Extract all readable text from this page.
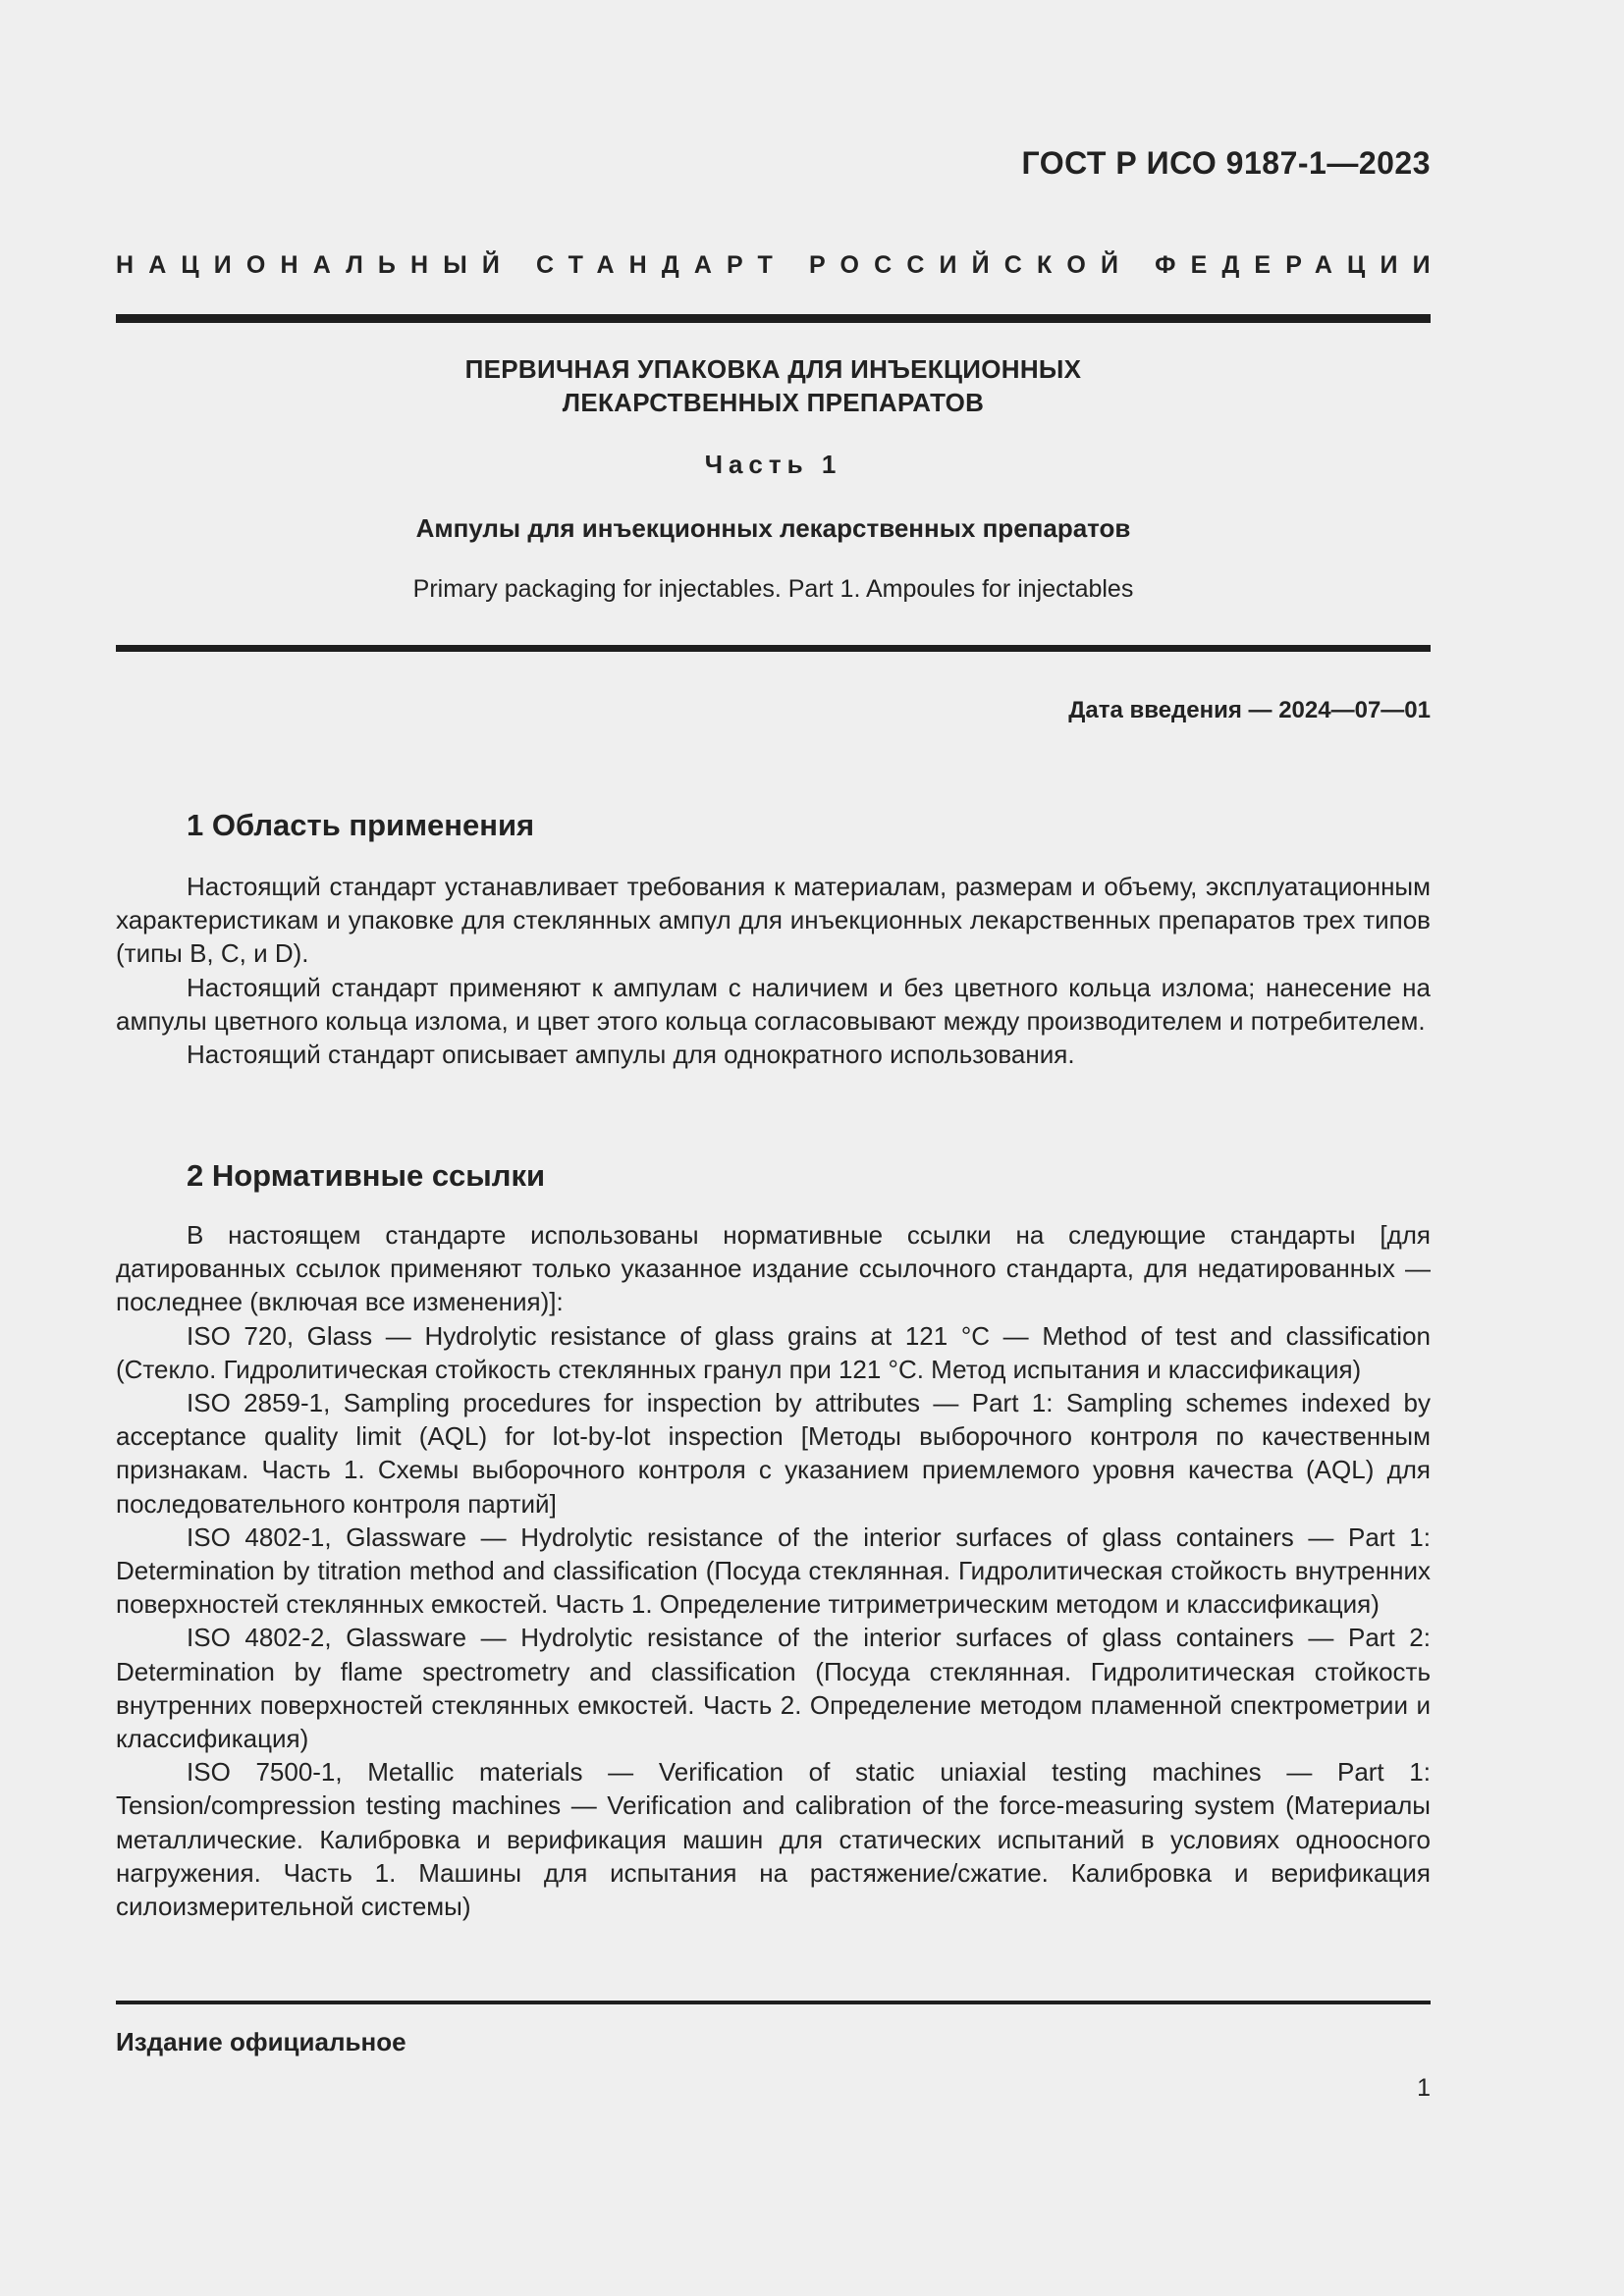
ГОСТ Р ИСО 9187-1—2023
НАЦИОНАЛЬНЫЙ СТАНДАРТ РОССИЙСКОЙ ФЕДЕРАЦИИ
ПЕРВИЧНАЯ УПАКОВКА ДЛЯ ИНЪЕКЦИОННЫХ
ЛЕКАРСТВЕННЫХ ПРЕПАРАТОВ
Часть 1
Ампулы для инъекционных лекарственных препаратов
Primary packaging for injectables. Part 1. Ampoules for injectables
Дата введения — 2024—07—01
1 Область применения

Настоящий стандарт устанавливает требования к материалам, размерам и объему, эксплуатационным характеристикам и упаковке для стеклянных ампул для инъекционных лекарственных препаратов трех типов (типы B, C, и D).

Настоящий стандарт применяют к ампулам с наличием и без цветного кольца излома; нанесение на ампулы цветного кольца излома, и цвет этого кольца согласовывают между производителем и потребителем.

Настоящий стандарт описывает ампулы для однократного использования.

2 Нормативные ссылки

В настоящем стандарте использованы нормативные ссылки на следующие стандарты [для датированных ссылок применяют только указанное издание ссылочного стандарта, для недатированных — последнее (включая все изменения)]:

ISO 720, Glass — Hydrolytic resistance of glass grains at 121 °C — Method of test and classification (Стекло. Гидролитическая стойкость стеклянных гранул при 121 °С. Метод испытания и классификация)

ISO 2859-1, Sampling procedures for inspection by attributes — Part 1: Sampling schemes indexed by acceptance quality limit (AQL) for lot-by-lot inspection [Методы выборочного контроля по качественным признакам. Часть 1. Схемы выборочного контроля с указанием приемлемого уровня качества (AQL) для последовательного контроля партий]

ISO 4802-1, Glassware — Hydrolytic resistance of the interior surfaces of glass containers — Part 1: Determination by titration method and classification (Посуда стеклянная. Гидролитическая стойкость внутренних поверхностей стеклянных емкостей. Часть 1. Определение титриметрическим методом и классификация)

ISO 4802-2, Glassware — Hydrolytic resistance of the interior surfaces of glass containers — Part 2: Determination by flame spectrometry and classification (Посуда стеклянная. Гидролитическая стойкость внутренних поверхностей стеклянных емкостей. Часть 2. Определение методом пламенной спектрометрии и классификация)

ISO 7500-1, Metallic materials — Verification of static uniaxial testing machines — Part 1: Tension/compression testing machines — Verification and calibration of the force-measuring system (Материалы металлические. Калибровка и верификация машин для статических испытаний в условиях одноосного нагружения. Часть 1. Машины для испытания на растяжение/сжатие. Калибровка и верификация силоизмерительной системы)

Издание официальное
1
